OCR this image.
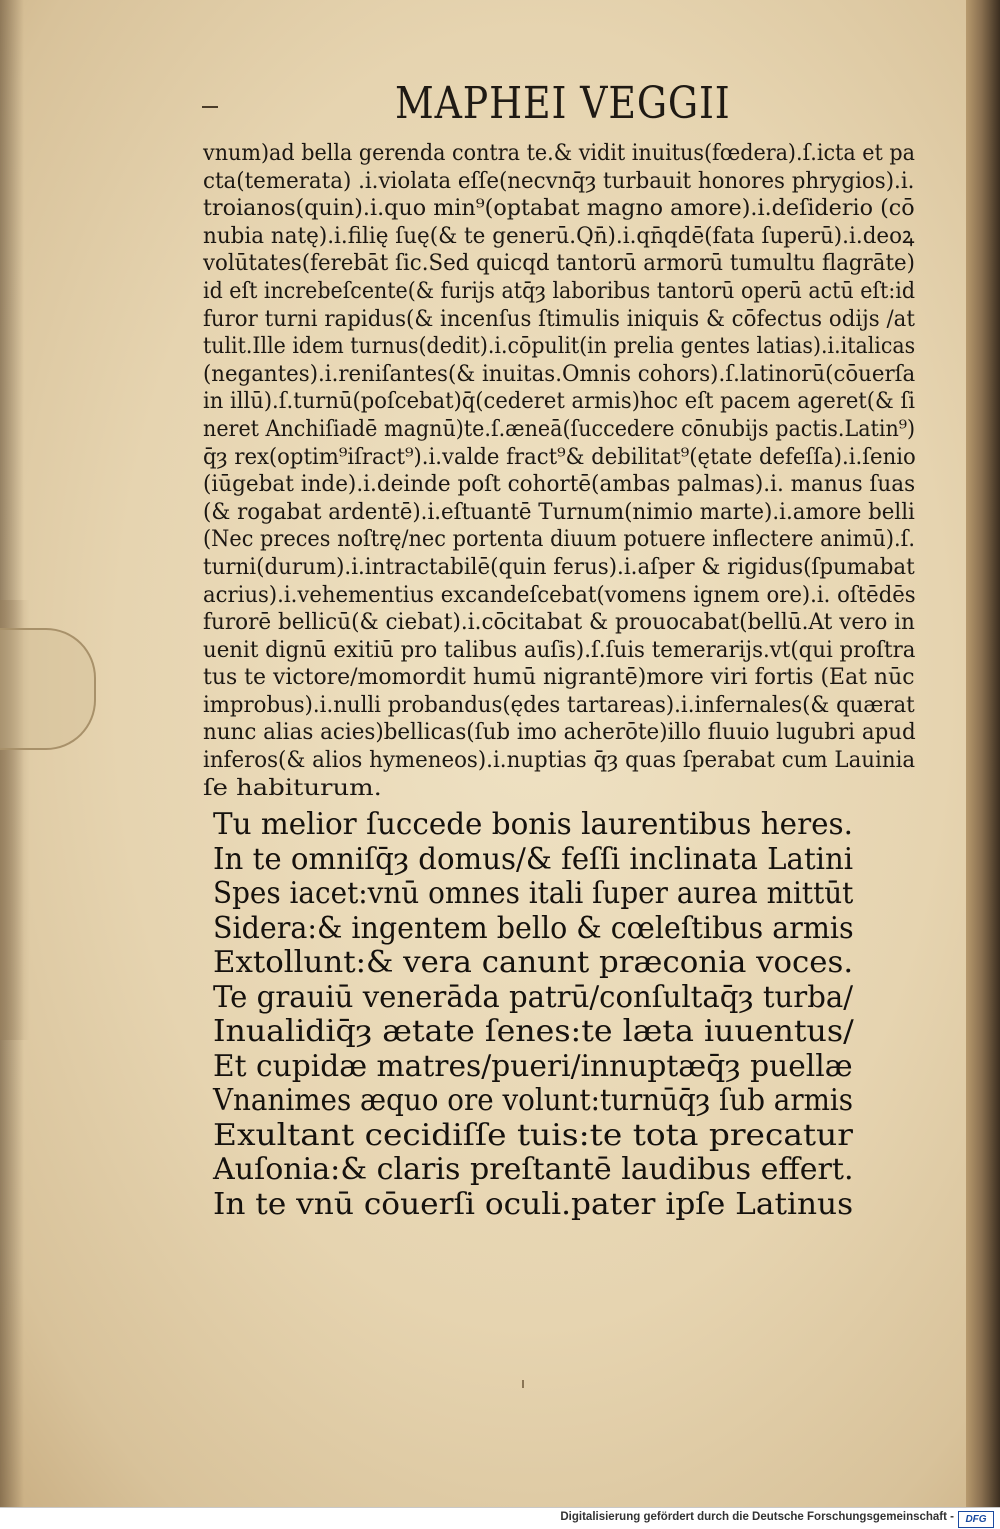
MAPHEI VEGGII
vnum)ad bella gerenda contra te.& vidit inuitus(fœdera).ſ.icta et pa
cta(temerata) .i.violata eſſe(necvnq̄ȝ turbauit honores phrygios).i.
troianos(quin).i.quo min⁹(optabat magno amore).i.deſiderio (cō
nubia natę).i.filię ſuę(& te generū.Qn̄).i.qn̄qdē(fata ſuperū).i.deoꝝ
volūtates(ferebāt ſic.Sed quicqd tantorū armorū tumultu flagrāte)
id eſt increbeſcente(& furijs atq̄ȝ laboribus tantorū operū actū eſt:id
furor turni rapidus(& incenſus ſtimulis iniquis & cōfectus odijs /at
tulit.Ille idem turnus(dedit).i.cōpulit(in prelia gentes latias).i.italicas
(negantes).i.reniſantes(& inuitas.Omnis cohors).ſ.latinorū(cōuerſa
in illū).ſ.turnū(poſcebat)q̄(cederet armis)hoc eſt pacem ageret(& ſi
neret Anchiſiadē magnū)te.ſ.æneā(ſuccedere cōnubijs pactis.Latin⁹)
q̄ȝ rex(optim⁹iſract⁹).i.valde fract⁹& debilitat⁹(ętate defeſſa).i.ſenio
(iūgebat inde).i.deinde poſt cohortē(ambas palmas).i. manus ſuas
(& rogabat ardentē).i.eſtuantē Turnum(nimio marte).i.amore belli
(Nec preces noſtrę/nec portenta diuum potuere inflectere animū).ſ.
turni(durum).i.intractabilē(quin ferus).i.aſper & rigidus(ſpumabat
acrius).i.vehementius excandeſcebat(vomens ignem ore).i. oſtēdēs
furorē bellicū(& ciebat).i.cōcitabat & prouocabat(bellū.At vero in
uenit dignū exitiū pro talibus auſis).ſ.ſuis temerarijs.vt(qui proſtra
tus te victore/momordit humū nigrantē)more viri fortis (Eat nūc
improbus).i.nulli probandus(ędes tartareas).i.infernales(& quærat
nunc alias acies)bellicas(ſub imo acherōte)illo fluuio lugubri apud
inferos(& alios hymeneos).i.nuptias q̄ȝ quas ſperabat cum Lauinia
ſe habiturum.
Tu melior ſuccede bonis laurentibus heres.
In te omniſq̄ȝ domus/& feſſi inclinata Latini
Spes iacet:vnū omnes itali ſuper aurea mittūt
Sidera:& ingentem bello & cœleſtibus armis
Extollunt:& vera canunt præconia voces.
Te grauiū venerāda patrū/conſultaq̄ȝ turba/
Inualidiq̄ȝ ætate ſenes:te læta iuuentus/
Et cupidæ matres/pueri/innuptæq̄ȝ puellæ
Vnanimes æquo ore volunt:turnūq̄ȝ ſub armis
Exultant cecidiſſe tuis:te tota precatur
Auſonia:& claris preſtantē laudibus effert.
In te vnū cōuerſi oculi.pater ipſe Latinus
Digitalisierung gefördert durch die Deutsche Forschungsgemeinschaft -	DFG
